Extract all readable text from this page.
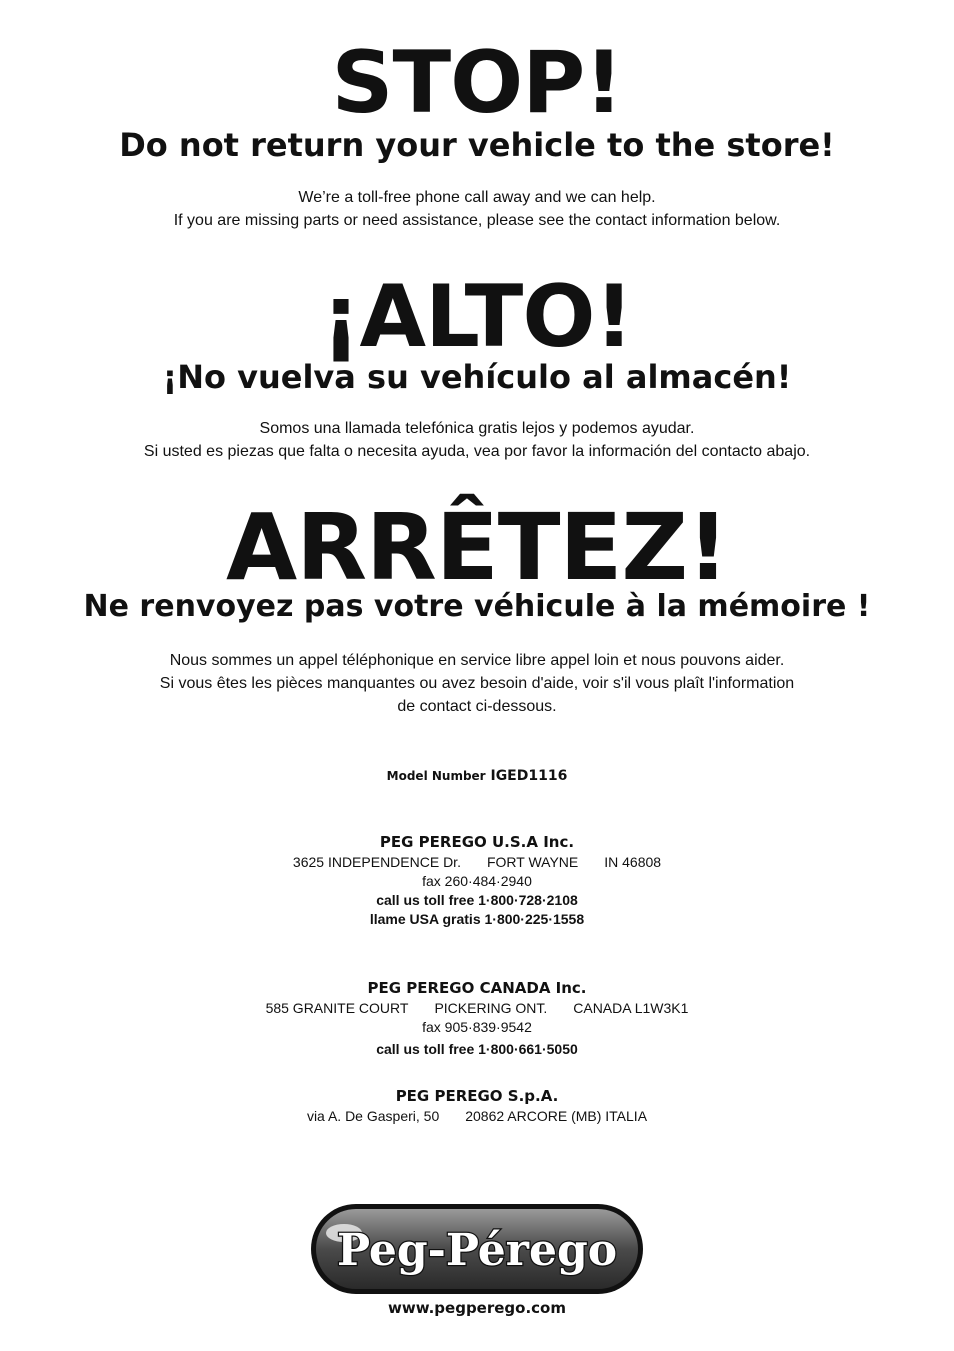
STOP!
Do not return your vehicle to the store!

We’re a toll-free phone call away and we can help.
If you are missing parts or need assistance, please see the contact information below.

¡ALTO!
¡No vuelva su vehículo al almacén!

Somos una llamada telefónica gratis lejos y podemos ayudar.
Si usted es piezas que falta o necesita ayuda, vea por favor la información del contacto abajo.

ARRÊTEZ!
Ne renvoyez pas votre véhicule à la mémoire !

Nous sommes un appel téléphonique en service libre appel loin et nous pouvons aider.
Si vous êtes les pièces manquantes ou avez besoin d'aide, voir s'il vous plaît l'information
de contact ci-dessous.

Model Number IGED1116
PEG PEREGO U.S.A Inc.
3625 INDEPENDENCE Dr. FORT WAYNE IN 46808
fax 260·484·2940
call us toll free 1·800·728·2108
llame USA gratis 1·800·225·1558
PEG PEREGO CANADA Inc.
585 GRANITE COURT PICKERING ONT. CANADA L1W3K1
fax 905·839·9542
call us toll free 1·800·661·5050
PEG PEREGO S.p.A.
via A. De Gasperi, 50 20862 ARCORE (MB) ITALIA
Peg-Pérego
www.pegperego.com
